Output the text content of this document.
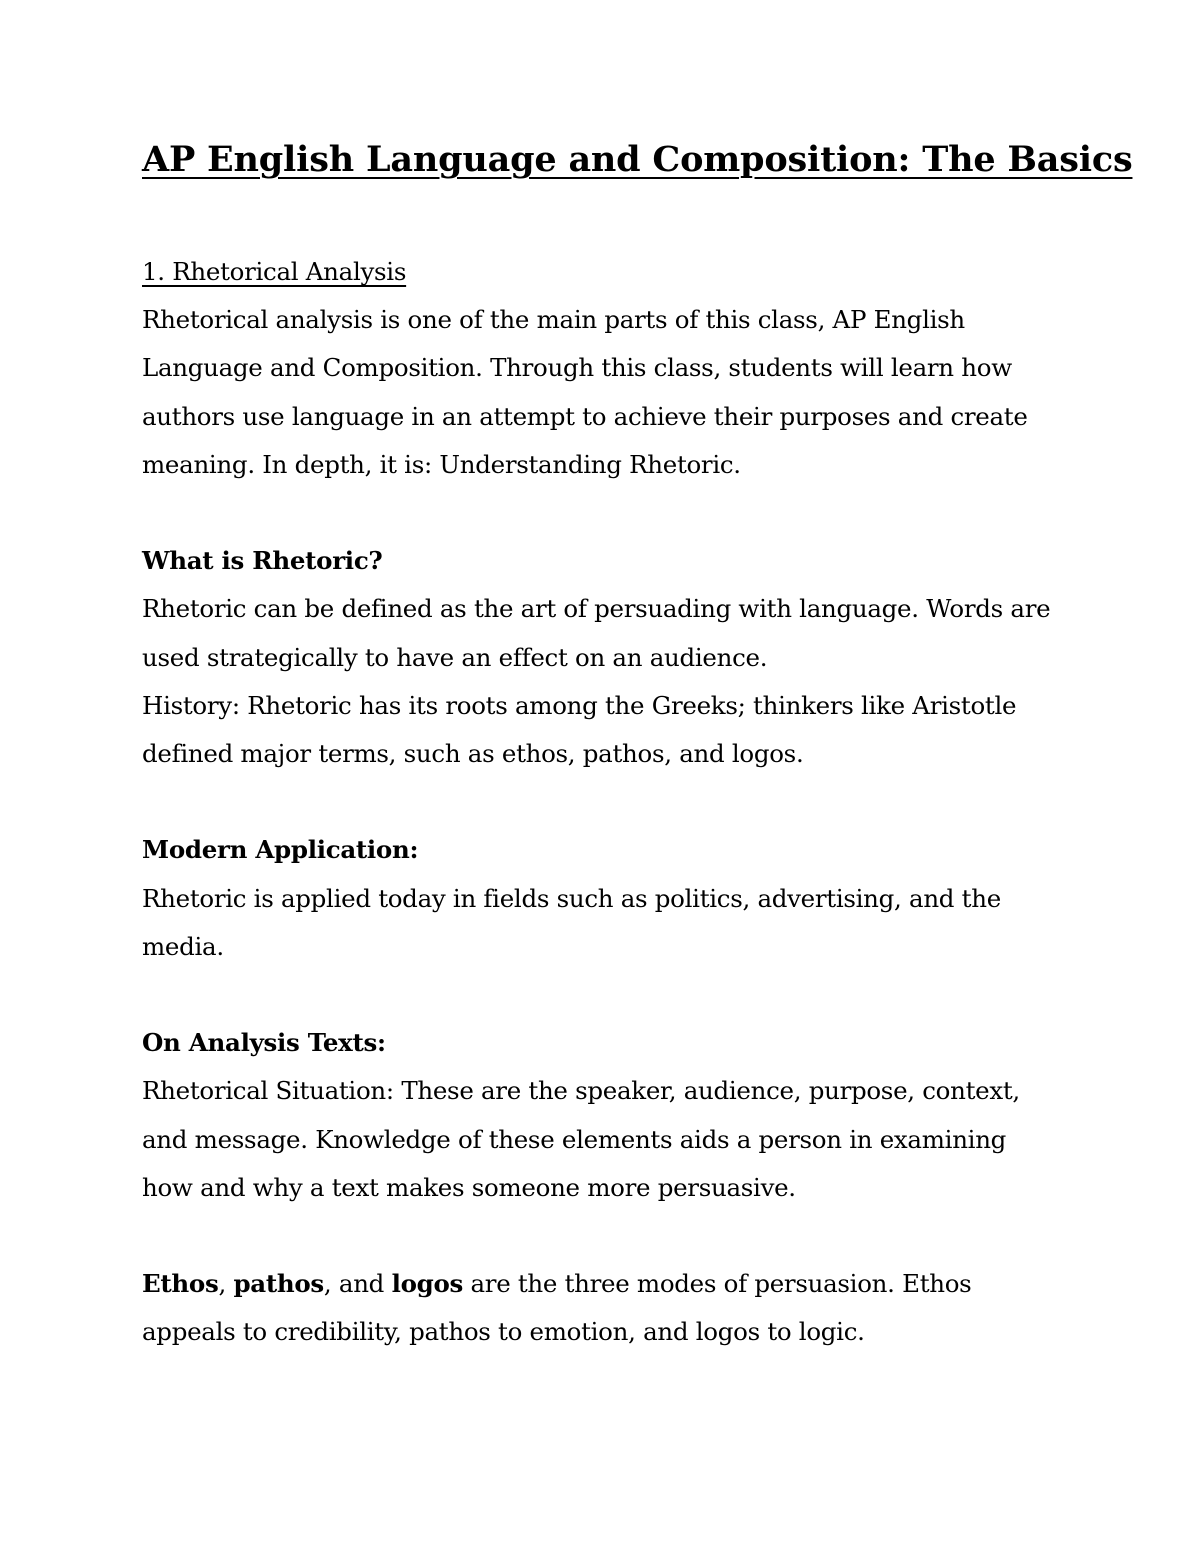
AP English Language and Composition: The Basics

1. Rhetorical Analysis

Rhetorical analysis is one of the main parts of this class, AP English Language and Composition. Through this class, students will learn how authors use language in an attempt to achieve their purposes and create meaning. In depth, it is: Understanding Rhetoric.

What is Rhetoric?

Rhetoric can be defined as the art of persuading with language. Words are used strategically to have an effect on an audience.

History: Rhetoric has its roots among the Greeks; thinkers like Aristotle defined major terms, such as ethos, pathos, and logos.

Modern Application:

Rhetoric is applied today in fields such as politics, advertising, and the media.

On Analysis Texts:

Rhetorical Situation: These are the speaker, audience, purpose, context, and message. Knowledge of these elements aids a person in examining how and why a text makes someone more persuasive.

Ethos, pathos, and logos are the three modes of persuasion. Ethos appeals to credibility, pathos to emotion, and logos to logic.
